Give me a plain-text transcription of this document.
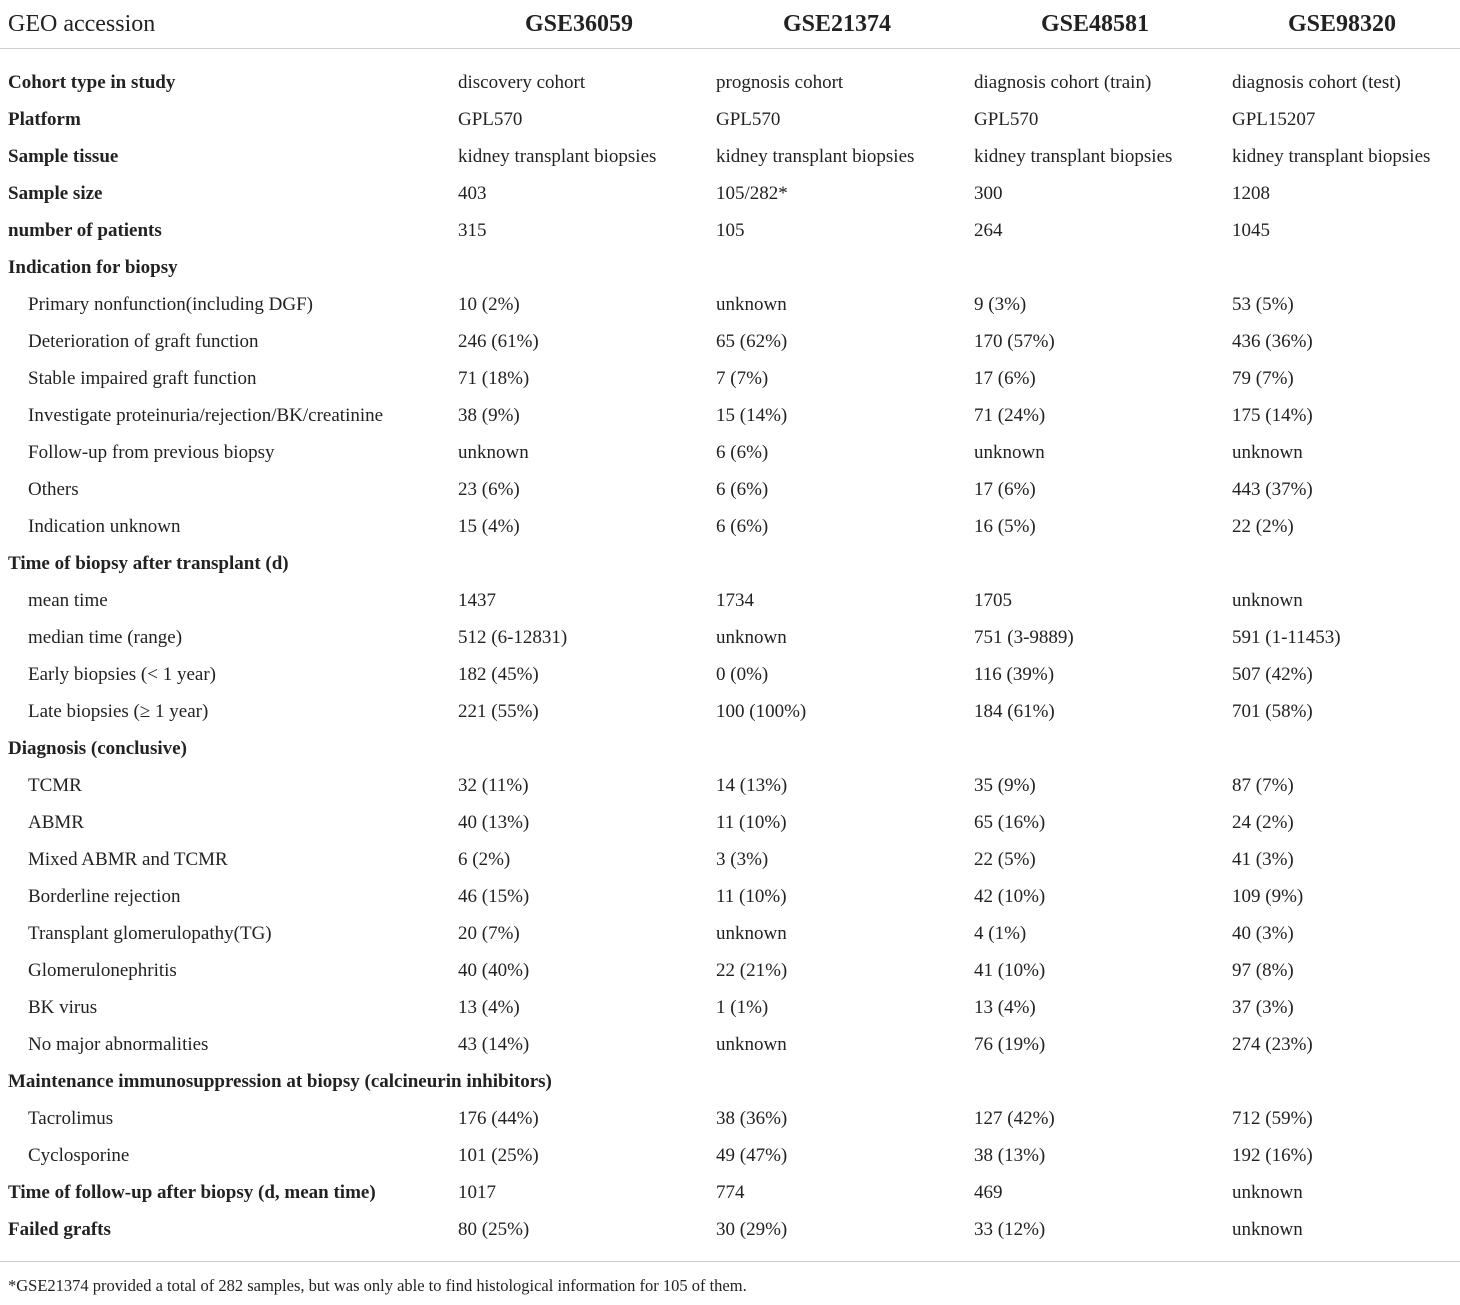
GEO accession	GSE36059	GSE21374	GSE48581	GSE98320

Cohort type in study	discovery cohort	prognosis cohort	diagnosis cohort (train)	diagnosis cohort (test)
Platform	GPL570	GPL570	GPL570	GPL15207
Sample tissue	kidney transplant biopsies	kidney transplant biopsies	kidney transplant biopsies	kidney transplant biopsies
Sample size	403	105/282*	300	1208
number of patients	315	105	264	1045
Indication for biopsy				
Primary nonfunction(including DGF)	10 (2%)	unknown	9 (3%)	53 (5%)
Deterioration of graft function	246 (61%)	65 (62%)	170 (57%)	436 (36%)
Stable impaired graft function	71 (18%)	7 (7%)	17 (6%)	79 (7%)
Investigate proteinuria/rejection/BK/creatinine	38 (9%)	15 (14%)	71 (24%)	175 (14%)
Follow-up from previous biopsy	unknown	6 (6%)	unknown	unknown
Others	23 (6%)	6 (6%)	17 (6%)	443 (37%)
Indication unknown	15 (4%)	6 (6%)	16 (5%)	22 (2%)
Time of biopsy after transplant (d)				
mean time	1437	1734	1705	unknown
median time (range)	512 (6-12831)	unknown	751 (3-9889)	591 (1-11453)
Early biopsies (< 1 year)	182 (45%)	0 (0%)	116 (39%)	507 (42%)
Late biopsies (≥ 1 year)	221 (55%)	100 (100%)	184 (61%)	701 (58%)
Diagnosis (conclusive)				
TCMR	32 (11%)	14 (13%)	35 (9%)	87 (7%)
ABMR	40 (13%)	11 (10%)	65 (16%)	24 (2%)
Mixed ABMR and TCMR	6 (2%)	3 (3%)	22 (5%)	41 (3%)
Borderline rejection	46 (15%)	11 (10%)	42 (10%)	109 (9%)
Transplant glomerulopathy(TG)	20 (7%)	unknown	4 (1%)	40 (3%)
Glomerulonephritis	40 (40%)	22 (21%)	41 (10%)	97 (8%)
BK virus	13 (4%)	1 (1%)	13 (4%)	37 (3%)
No major abnormalities	43 (14%)	unknown	76 (19%)	274 (23%)
Maintenance immunosuppression at biopsy (calcineurin inhibitors)				
Tacrolimus	176 (44%)	38 (36%)	127 (42%)	712 (59%)
Cyclosporine	101 (25%)	49 (47%)	38 (13%)	192 (16%)
Time of follow-up after biopsy (d, mean time)	1017	774	469	unknown
Failed grafts	80 (25%)	30 (29%)	33 (12%)	unknown

*GSE21374 provided a total of 282 samples, but was only able to find histological information for 105 of them.
